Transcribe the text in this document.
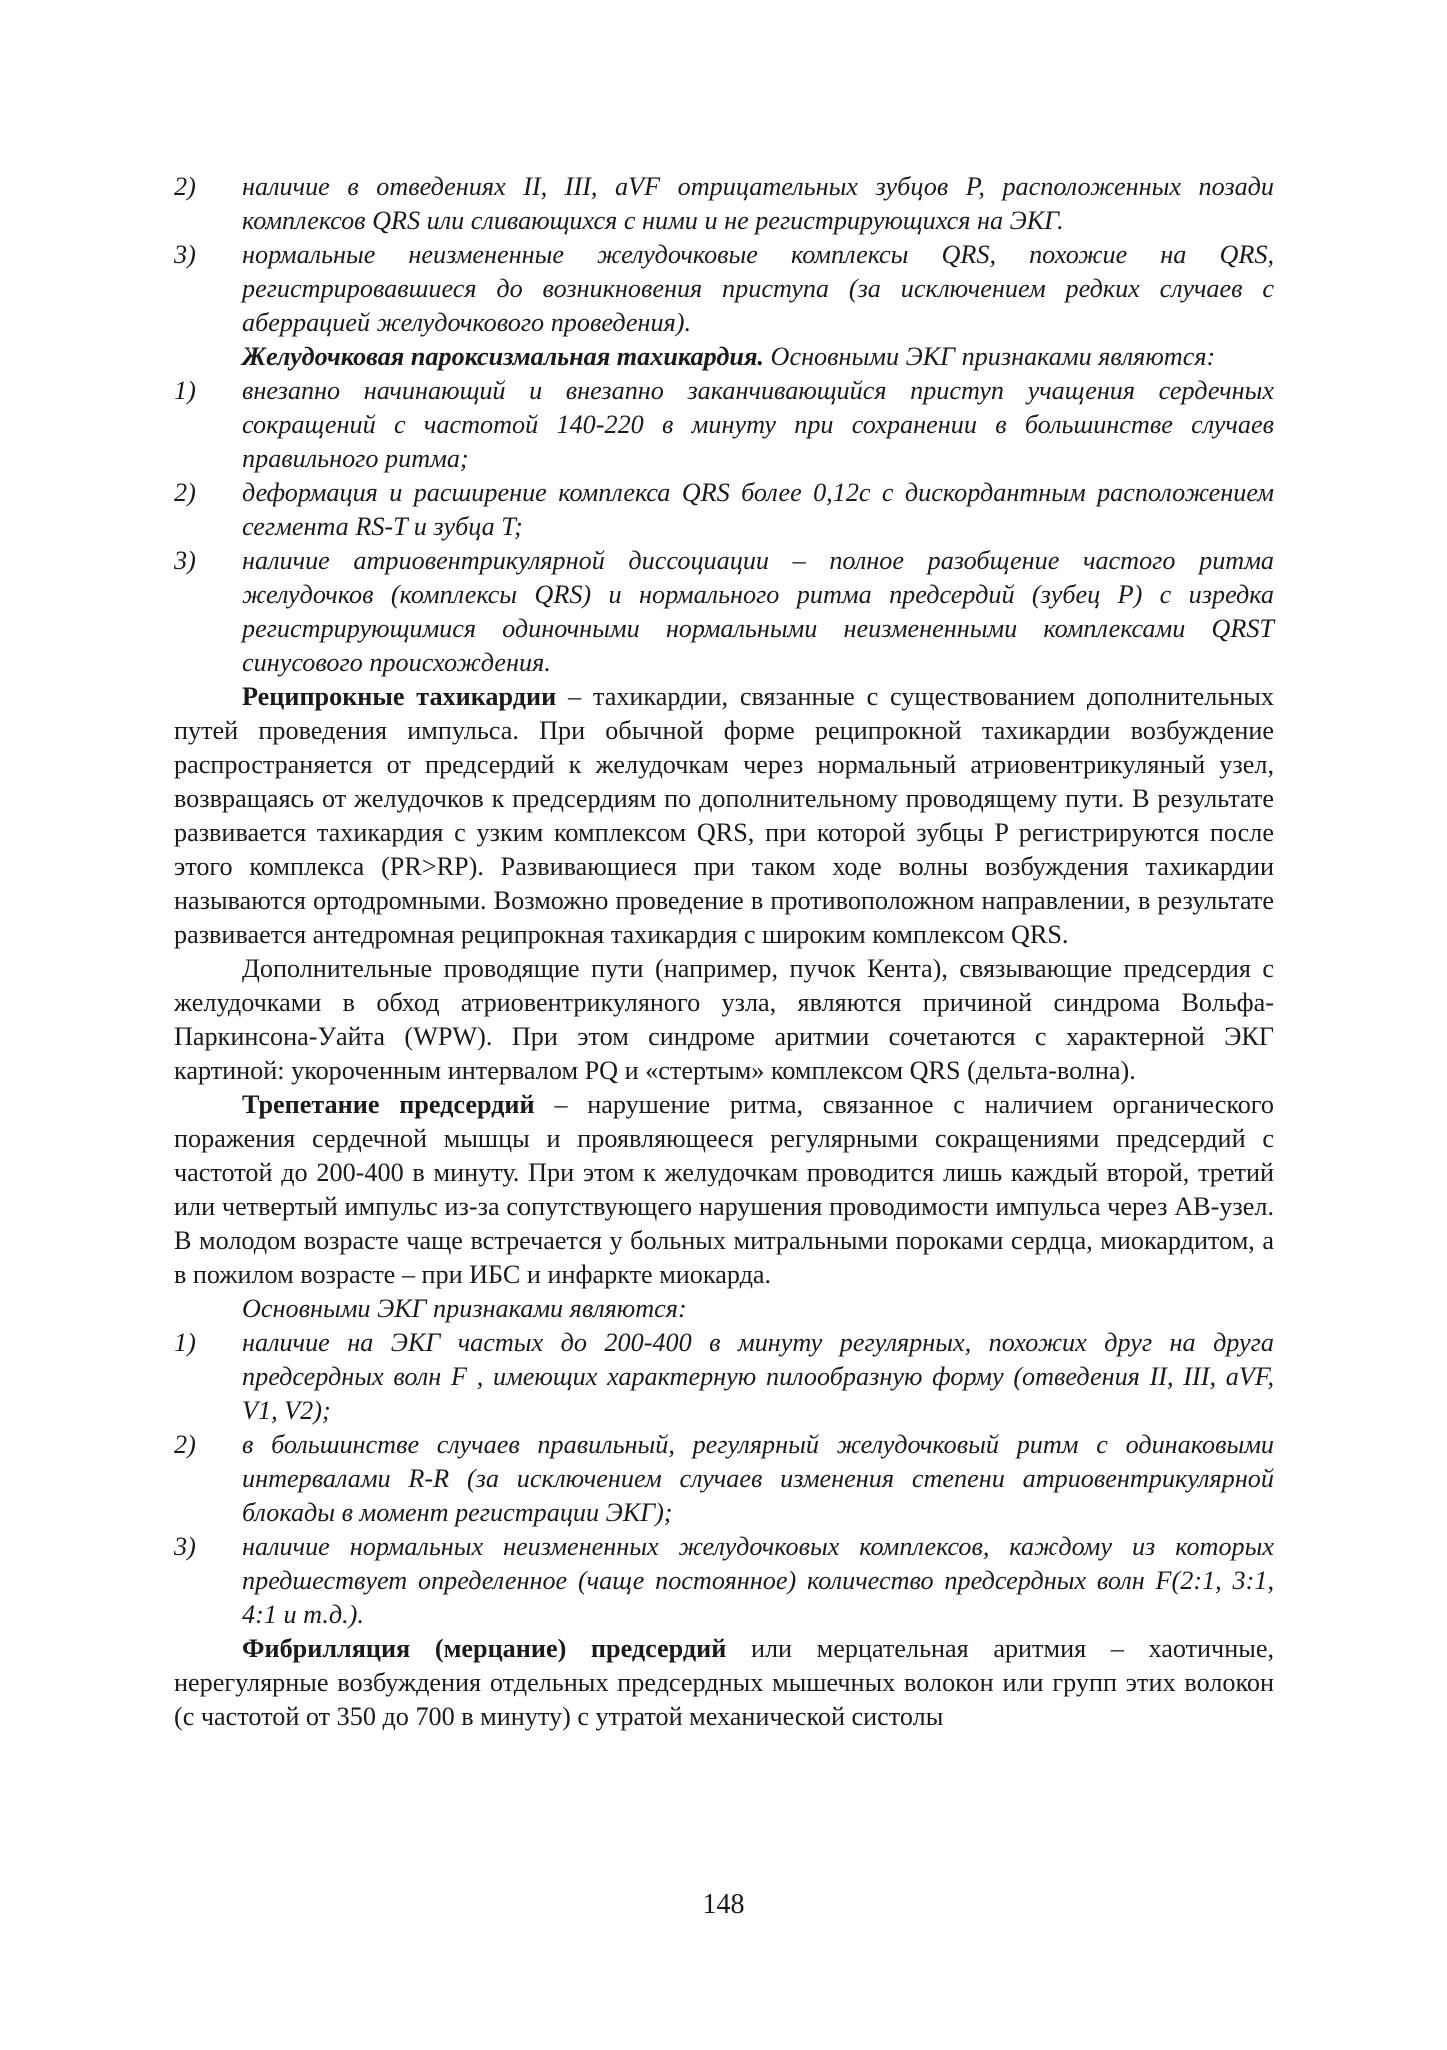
2)	наличие в отведениях II, III, aVF отрицательных зубцов P, расположенных позади комплексов QRS или сливающихся с ними и не регистрирующихся на ЭКГ.
3)	нормальные неизмененные желудочковые комплексы QRS, похожие на QRS, регистрировавшиеся до возникновения приступа (за исключением редких случаев с аберрацией желудочкового проведения).
Желудочковая пароксизмальная тахикардия. Основными ЭКГ признаками являются:
1)	внезапно начинающий и внезапно заканчивающийся приступ учащения сердечных сокращений с частотой 140-220 в минуту при сохранении в большинстве случаев правильного ритма;
2)	деформация и расширение комплекса QRS более 0,12с с дискордантным расположением сегмента RS-T и зубца T;
3)	наличие атриовентрикулярной диссоциации – полное разобщение частого ритма желудочков (комплексы QRS) и нормального ритма предсердий (зубец P) с изредка регистрирующимися одиночными нормальными неизмененными комплексами QRST синусового происхождения.
Реципрокные тахикардии – тахикардии, связанные с существованием дополнительных путей проведения импульса. При обычной форме реципрокной тахикардии возбуждение распространяется от предсердий к желудочкам через нормальный атриовентрикуляный узел, возвращаясь от желудочков к предсердиям по дополнительному проводящему пути. В результате развивается тахикардия с узким комплексом QRS, при которой зубцы P регистрируются после этого комплекса (PR>RP). Развивающиеся при таком ходе волны возбуждения тахикардии называются ортодромными. Возможно проведение в противоположном направлении, в результате развивается антедромная реципрокная тахикардия с широким комплексом QRS.
Дополнительные проводящие пути (например, пучок Кента), связывающие предсердия с желудочками в обход атриовентрикуляного узла, являются причиной синдрома Вольфа-Паркинсона-Уайта (WPW). При этом синдроме аритмии сочетаются с характерной ЭКГ картиной: укороченным интервалом PQ и «стертым» комплексом QRS (дельта-волна).
Трепетание предсердий – нарушение ритма, связанное с наличием органического поражения сердечной мышцы и проявляющееся регулярными сокращениями предсердий с частотой до 200-400 в минуту. При этом к желудочкам проводится лишь каждый второй, третий или четвертый импульс из-за сопутствующего нарушения проводимости импульса через АВ-узел. В молодом возрасте чаще встречается у больных митральными пороками сердца, миокардитом, а в пожилом возрасте – при ИБС и инфаркте миокарда.
Основными ЭКГ признаками являются:
1)	наличие на ЭКГ частых до 200-400 в минуту регулярных, похожих друг на друга предсердных волн F , имеющих характерную пилообразную форму (отведения II, III, aVF, V1, V2);
2)	в большинстве случаев правильный, регулярный желудочковый ритм с одинаковыми интервалами R-R (за исключением случаев изменения степени атриовентрикулярной блокады в момент регистрации ЭКГ);
3)	наличие нормальных неизмененных желудочковых комплексов, каждому из которых предшествует определенное (чаще постоянное) количество предсердных волн F(2:1, 3:1, 4:1 и т.д.).
Фибрилляция (мерцание) предсердий или мерцательная аритмия – хаотичные, нерегулярные возбуждения отдельных предсердных мышечных волокон или групп этих волокон (с частотой от 350 до 700 в минуту) с утратой механической систолы
148
